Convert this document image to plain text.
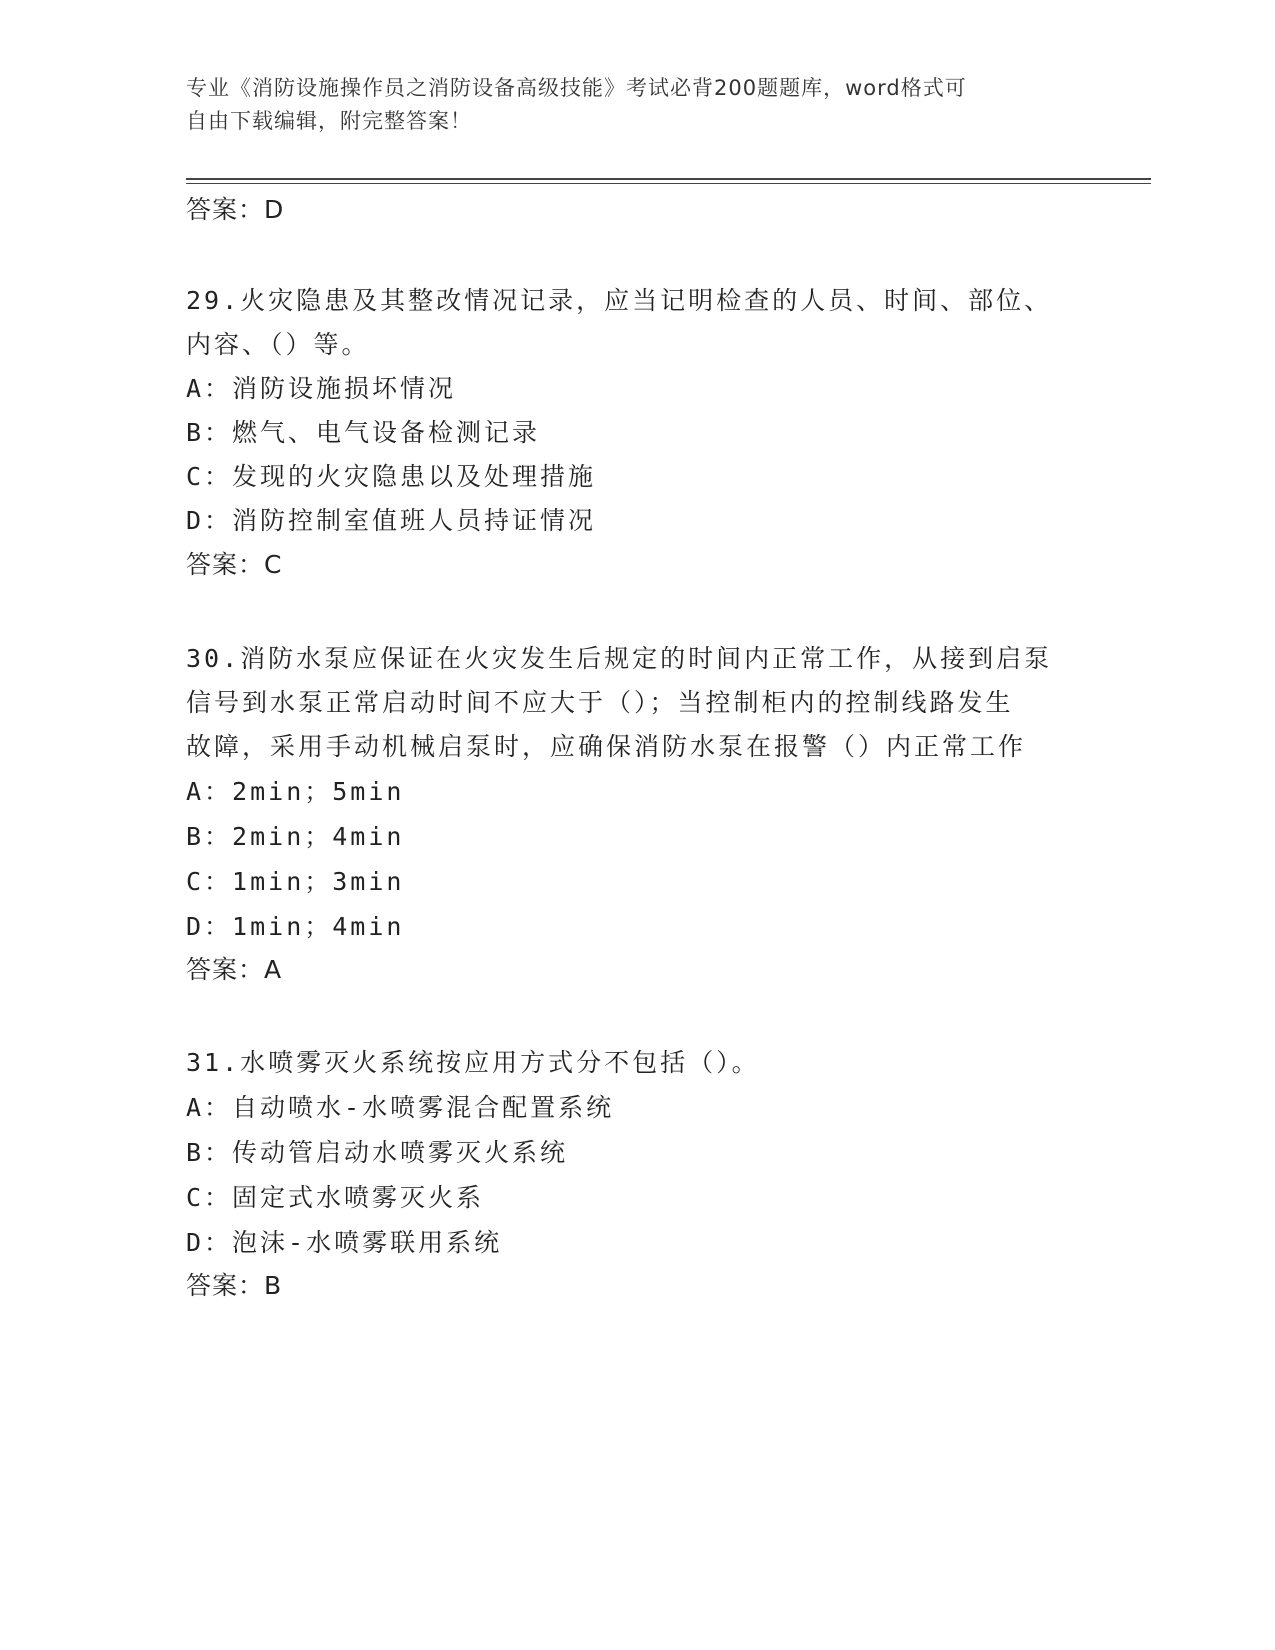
专业《消防设施操作员之消防设备高级技能》考试必背200题题库，word格式可
自由下载编辑，附完整答案！
答案：D
29.火灾隐患及其整改情况记录，应当记明检查的人员、时间、部位、
内容、（）等。
A：消防设施损坏情况
B：燃气、电气设备检测记录
C：发现的火灾隐患以及处理措施
D：消防控制室值班人员持证情况
答案：C
30.消防水泵应保证在火灾发生后规定的时间内正常工作，从接到启泵
信号到水泵正常启动时间不应大于（）；当控制柜内的控制线路发生
故障，采用手动机械启泵时，应确保消防水泵在报警（）内正常工作
A：2min；5min
B：2min；4min
C：1min；3min
D：1min；4min
答案：A
31.水喷雾灭火系统按应用方式分不包括（）。
A：自动喷水-水喷雾混合配置系统
B：传动管启动水喷雾灭火系统
C：固定式水喷雾灭火系
D：泡沫-水喷雾联用系统
答案：B
